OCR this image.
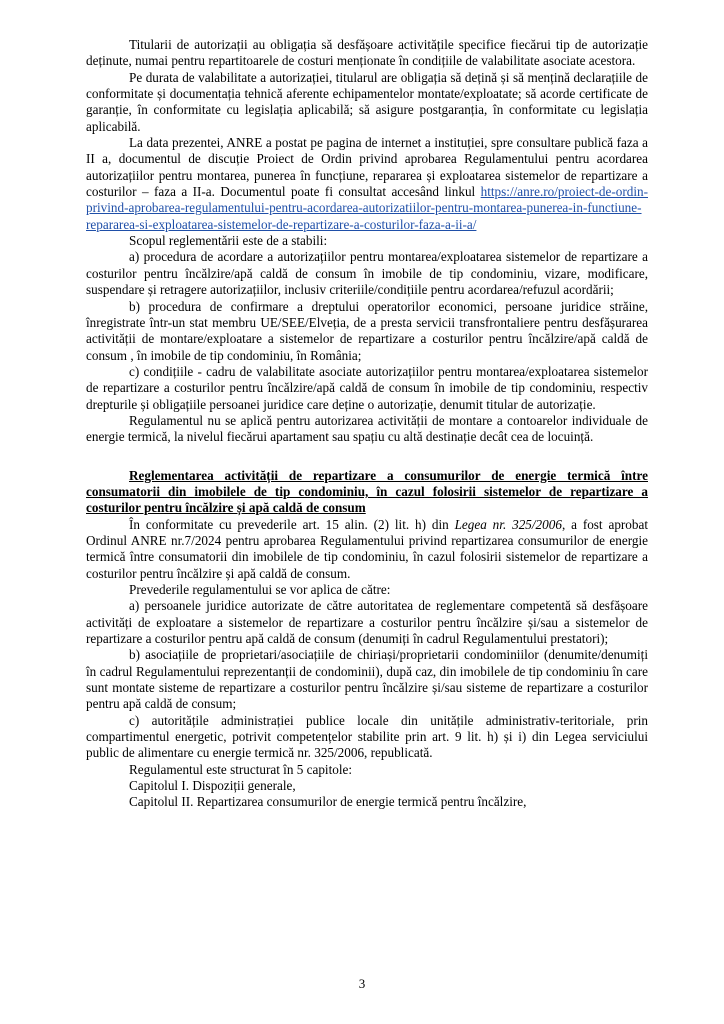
Titularii de autorizații au obligația să desfășoare activitățile specifice fiecărui tip de autorizație deținute, numai pentru repartitoarele de costuri menționate în condițiile de valabilitate asociate acestora.

Pe durata de valabilitate a autorizației, titularul are obligația să dețină și să mențină declarațiile de conformitate și documentația tehnică aferente echipamentelor montate/exploatate; să acorde certificate de garanție, în conformitate cu legislația aplicabilă; să asigure postgaranția, în conformitate cu legislația aplicabilă.

La data prezentei, ANRE a postat pe pagina de internet a instituției, spre consultare publică faza a II a, documentul de discuție Proiect de Ordin privind aprobarea Regulamentului pentru acordarea autorizațiilor pentru montarea, punerea în funcțiune, repararea și exploatarea sistemelor de repartizare a costurilor – faza a II-a. Documentul poate fi consultat accesând linkul https://anre.ro/proiect-de-ordin-privind-aprobarea-regulamentului-pentru-acordarea-autorizatiilor-pentru-montarea-punerea-in-functiune-repararea-si-exploatarea-sistemelor-de-repartizare-a-costurilor-faza-a-ii-a/

Scopul reglementării este de a stabili:

a) procedura de acordare a autorizațiilor pentru montarea/exploatarea sistemelor de repartizare a costurilor pentru încălzire/apă caldă de consum în imobile de tip condominiu, vizare, modificare, suspendare și retragere autorizațiilor, inclusiv criteriile/condițiile pentru acordarea/refuzul acordării;

b) procedura de confirmare a dreptului operatorilor economici, persoane juridice străine, înregistrate într-un stat membru UE/SEE/Elveția, de a presta servicii transfrontaliere pentru desfășurarea activității de montare/exploatare a sistemelor de repartizare a costurilor pentru încălzire/apă caldă de consum , în imobile de tip condominiu, în România;

c) condițiile - cadru de valabilitate asociate autorizațiilor pentru montarea/exploatarea sistemelor de repartizare a costurilor pentru încălzire/apă caldă de consum în imobile de tip condominiu, respectiv drepturile și obligațiile persoanei juridice care deține o autorizație, denumit titular de autorizație.

Regulamentul nu se aplică pentru autorizarea activității de montare a contoarelor individuale de energie termică, la nivelul fiecărui apartament sau spațiu cu altă destinație decât cea de locuință.

Reglementarea activității de repartizare a consumurilor de energie termică între consumatorii din imobilele de tip condominiu, în cazul folosirii sistemelor de repartizare a costurilor pentru încălzire și apă caldă de consum

În conformitate cu prevederile art. 15 alin. (2) lit. h) din Legea nr. 325/2006, a fost aprobat Ordinul ANRE nr.7/2024 pentru aprobarea Regulamentului privind repartizarea consumurilor de energie termică între consumatorii din imobilele de tip condominiu, în cazul folosirii sistemelor de repartizare a costurilor pentru încălzire și apă caldă de consum.

Prevederile regulamentului se vor aplica de către:

a) persoanele juridice autorizate de către autoritatea de reglementare competentă să desfășoare activități de exploatare a sistemelor de repartizare a costurilor pentru încălzire și/sau a sistemelor de repartizare a costurilor pentru apă caldă de consum (denumiți în cadrul Regulamentului prestatori);

b) asociațiile de proprietari/asociațiile de chiriași/proprietarii condominiilor (denumite/denumiți în cadrul Regulamentului reprezentanții de condominii), după caz, din imobilele de tip condominiu în care sunt montate sisteme de repartizare a costurilor pentru încălzire și/sau sisteme de repartizare a costurilor pentru apă caldă de consum;

c) autoritățile administrației publice locale din unitățile administrativ-teritoriale, prin compartimentul energetic, potrivit competențelor stabilite prin art. 9 lit. h) și i) din Legea serviciului public de alimentare cu energie termică nr. 325/2006, republicată.

Regulamentul este structurat în 5 capitole:

Capitolul I. Dispoziții generale,

Capitolul II. Repartizarea consumurilor de energie termică pentru încălzire,

3
